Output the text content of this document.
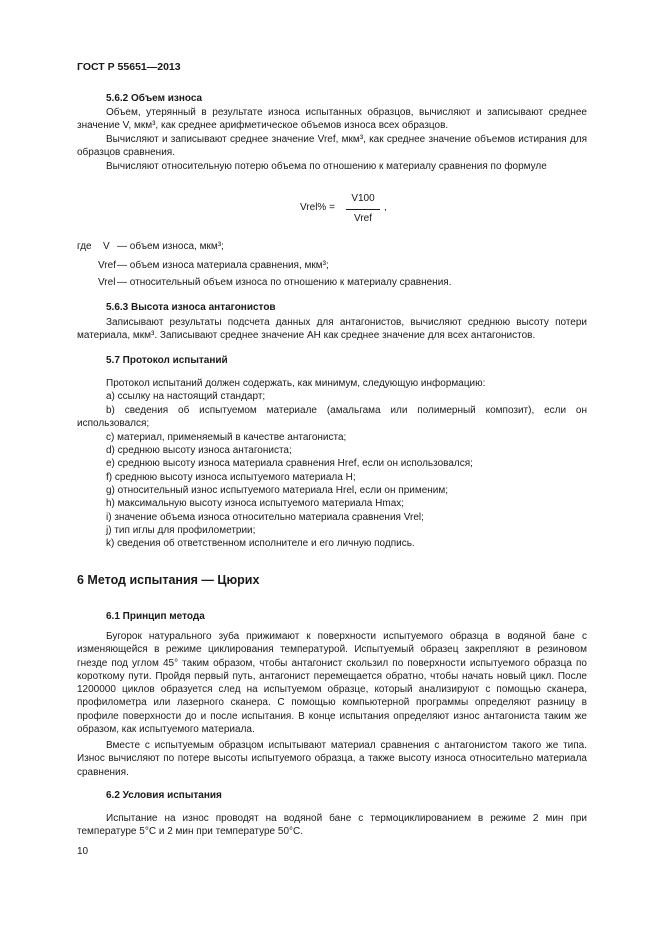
ГОСТ Р 55651—2013
5.6.2 Объем износа
Объем, утерянный в результате износа испытанных образцов, вычисляют и записывают среднее значение V, мкм³, как среднее арифметическое объемов износа всех образцов.
Вычисляют и записывают среднее значение Vref, мкм³, как среднее значение объемов истирания для образцов сравнения.
Вычисляют относительную потерю объема по отношению к материалу сравнения по формуле
Vrel% =
V100
Vref
,
где V — объем износа, мкм³;
Vref — объем износа материала сравнения, мкм³;
Vrel — относительный объем износа по отношению к материалу сравнения.
5.6.3 Высота износа антагонистов
Записывают результаты подсчета данных для антагонистов, вычисляют среднюю высоту потери материала, мкм³. Записывают среднее значение AH как среднее значение для всех антагонистов.
5.7 Протокол испытаний
Протокол испытаний должен содержать, как минимум, следующую информацию:
a) ссылку на настоящий стандарт;
b) сведения об испытуемом материале (амальгама или полимерный композит), если он использовался;
c) материал, применяемый в качестве антагониста;
d) среднюю высоту износа антагониста;
e) среднюю высоту износа материала сравнения Href, если он использовался;
f) среднюю высоту износа испытуемого материала H;
g) относительный износ испытуемого материала Hrel, если он применим;
h) максимальную высоту износа испытуемого материала Hmax;
i) значение объема износа относительно материала сравнения Vrel;
j) тип иглы для профилометрии;
k) сведения об ответственном исполнителе и его личную подпись.
6 Метод испытания — Цюрих
6.1 Принцип метода
Бугорок натурального зуба прижимают к поверхности испытуемого образца в водяной бане с изменяющейся в режиме циклирования температурой. Испытуемый образец закрепляют в резиновом гнезде под углом 45° таким образом, чтобы антагонист скользил по поверхности испытуемого образца по короткому пути. Пройдя первый путь, антагонист перемещается обратно, чтобы начать новый цикл. После 1200000 циклов образуется след на испытуемом образце, который анализируют с помощью сканера, профилометра или лазерного сканера. С помощью компьютерной программы определяют разницу в профиле поверхности до и после испытания. В конце испытания определяют износ антагониста таким же образом, как испытуемого материала.
Вместе с испытуемым образцом испытывают материал сравнения с антагонистом такого же типа. Износ вычисляют по потере высоты испытуемого образца, а также высоту износа относительно материала сравнения.
6.2 Условия испытания
Испытание на износ проводят на водяной бане с термоциклированием в режиме 2 мин при температуре 5°C и 2 мин при температуре 50°C.
10
